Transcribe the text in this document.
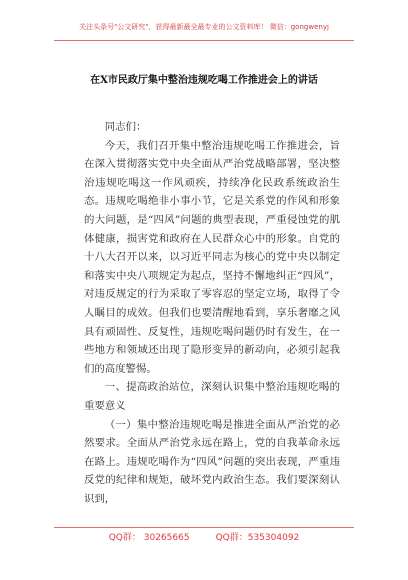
关注头条号"公文研究"，获得最新最全最专业的公文资料库！ 微信：gongwenyj
在X市民政厅集中整治违规吃喝工作推进会上的讲话

同志们：

今天，我们召开集中整治违规吃喝工作推进会，旨在深入贯彻落实党中央全面从严治党战略部署，坚决整治违规吃喝这一作风顽疾，持续净化民政系统政治生态。违规吃喝绝非小事小节，它是关系党的作风和形象的大问题，是“四风”问题的典型表现，严重侵蚀党的肌体健康，损害党和政府在人民群众心中的形象。自党的十八大召开以来，以习近平同志为核心的党中央以制定和落实中央八项规定为起点，坚持不懈地纠正“四风”，对违反规定的行为采取了零容忍的坚定立场，取得了令人瞩目的成效。但我们也要清醒地看到，享乐奢靡之风具有顽固性、反复性，违规吃喝问题仍时有发生，在一些地方和领域还出现了隐形变异的新动向，必须引起我们的高度警惕。

一、提高政治站位，深刻认识集中整治违规吃喝的重要意义

（一）集中整治违规吃喝是推进全面从严治党的必然要求。全面从严治党永远在路上，党的自我革命永远在路上。违规吃喝作为“四风”问题的突出表现，严重违反党的纪律和规矩，破坏党内政治生态。我们要深刻认识到，

QQ群： 30265665	QQ群：535304092
